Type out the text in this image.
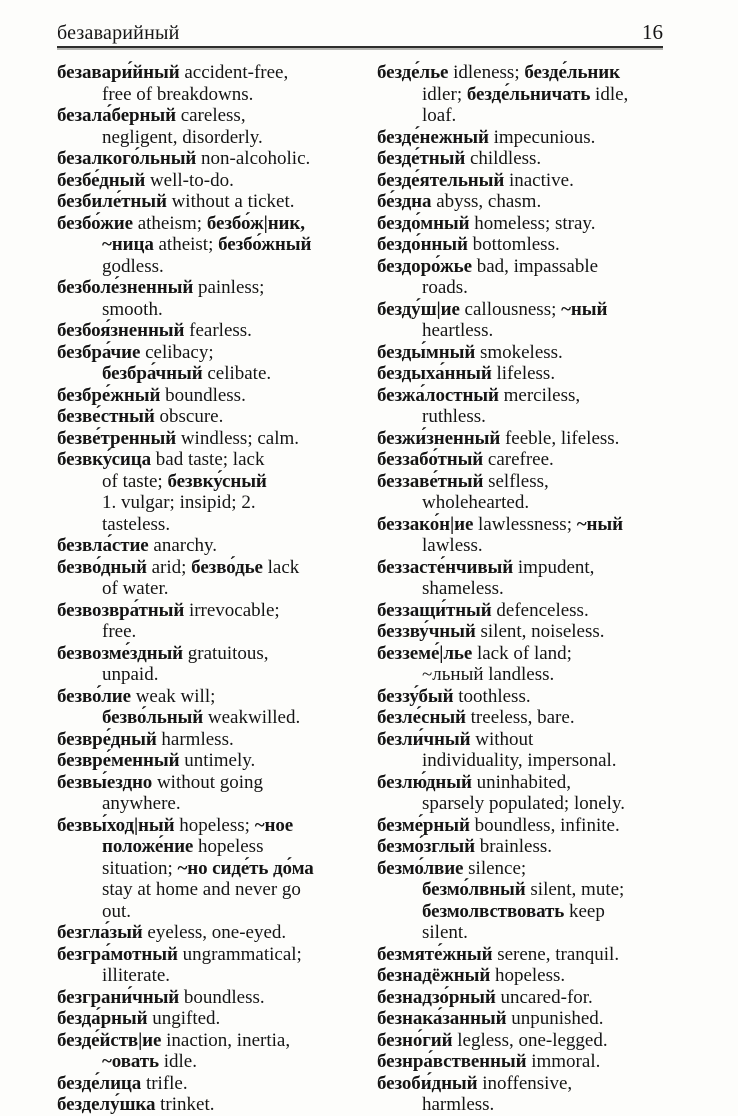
безаварийный	16
безавари́йный accident-free,
free of breakdowns.
безала́берный careless,
negligent, disorderly.
безалкого́льный non-alcoholic.
безбе́дный well-to-do.
безбиле́тный without a ticket.
безбо́жие atheism; безбо́ж|ник,
~ница atheist; безбо́жный
godless.
безболе́зненный painless;
smooth.
безбоя́зненный fearless.
безбра́чие celibacy;
безбра́чный celibate.
безбре́жный boundless.
безве́стный obscure.
безве́тренный windless; calm.
безвку́сица bad taste; lack
of taste; безвку́сный
1. vulgar; insipid; 2.
tasteless.
безвла́стие anarchy.
безво́дный arid; безво́дье lack
of water.
безвозвра́тный irrevocable;
free.
безвозме́здный gratuitous,
unpaid.
безво́лие weak will;
безво́льный weakwilled.
безвре́дный harmless.
безвре́менный untimely.
безвы́ездно without going
anywhere.
безвы́ход|ный hopeless; ~ное
положе́ние hopeless
situation; ~но сиде́ть до́ма
stay at home and never go
out.
безгла́зый eyeless, one-eyed.
безгра́мотный ungrammatical;
illiterate.
безграни́чный boundless.
безда́рный ungifted.
безде́йств|ие inaction, inertia,
~овать idle.
безде́лица trifle.
безделу́шка trinket.
безде́лье idleness; безде́льник
idler; безде́льничать idle,
loaf.
безде́нежный impecunious.
безде́тный childless.
безде́ятельный inactive.
бе́здна abyss, chasm.
бездо́мный homeless; stray.
бездо́нный bottomless.
бездоро́жье bad, impassable
roads.
безду́ш|ие callousness; ~ный
heartless.
безды́мный smokeless.
бездыха́нный lifeless.
безжа́лостный merciless,
ruthless.
безжи́зненный feeble, lifeless.
беззабо́тный carefree.
беззаве́тный selfless,
wholehearted.
беззако́н|ие lawlessness; ~ный
lawless.
беззасте́нчивый impudent,
shameless.
беззащи́тный defenceless.
беззву́чный silent, noiseless.
безземе́|лье lack of land;
~льный landless.
беззу́бый toothless.
безле́сный treeless, bare.
безли́чный without
individuality, impersonal.
безлю́дный uninhabited,
sparsely populated; lonely.
безме́рный boundless, infinite.
безмо́зглый brainless.
безмо́лвие silence;
безмо́лвный silent, mute;
безмолвствовать keep
silent.
безмяте́жный serene, tranquil.
безнадёжный hopeless.
безнадзо́рный uncared-for.
безнака́занный unpunished.
безно́гий legless, one-legged.
безнра́вственный immoral.
безоби́дный inoffensive,
harmless.
